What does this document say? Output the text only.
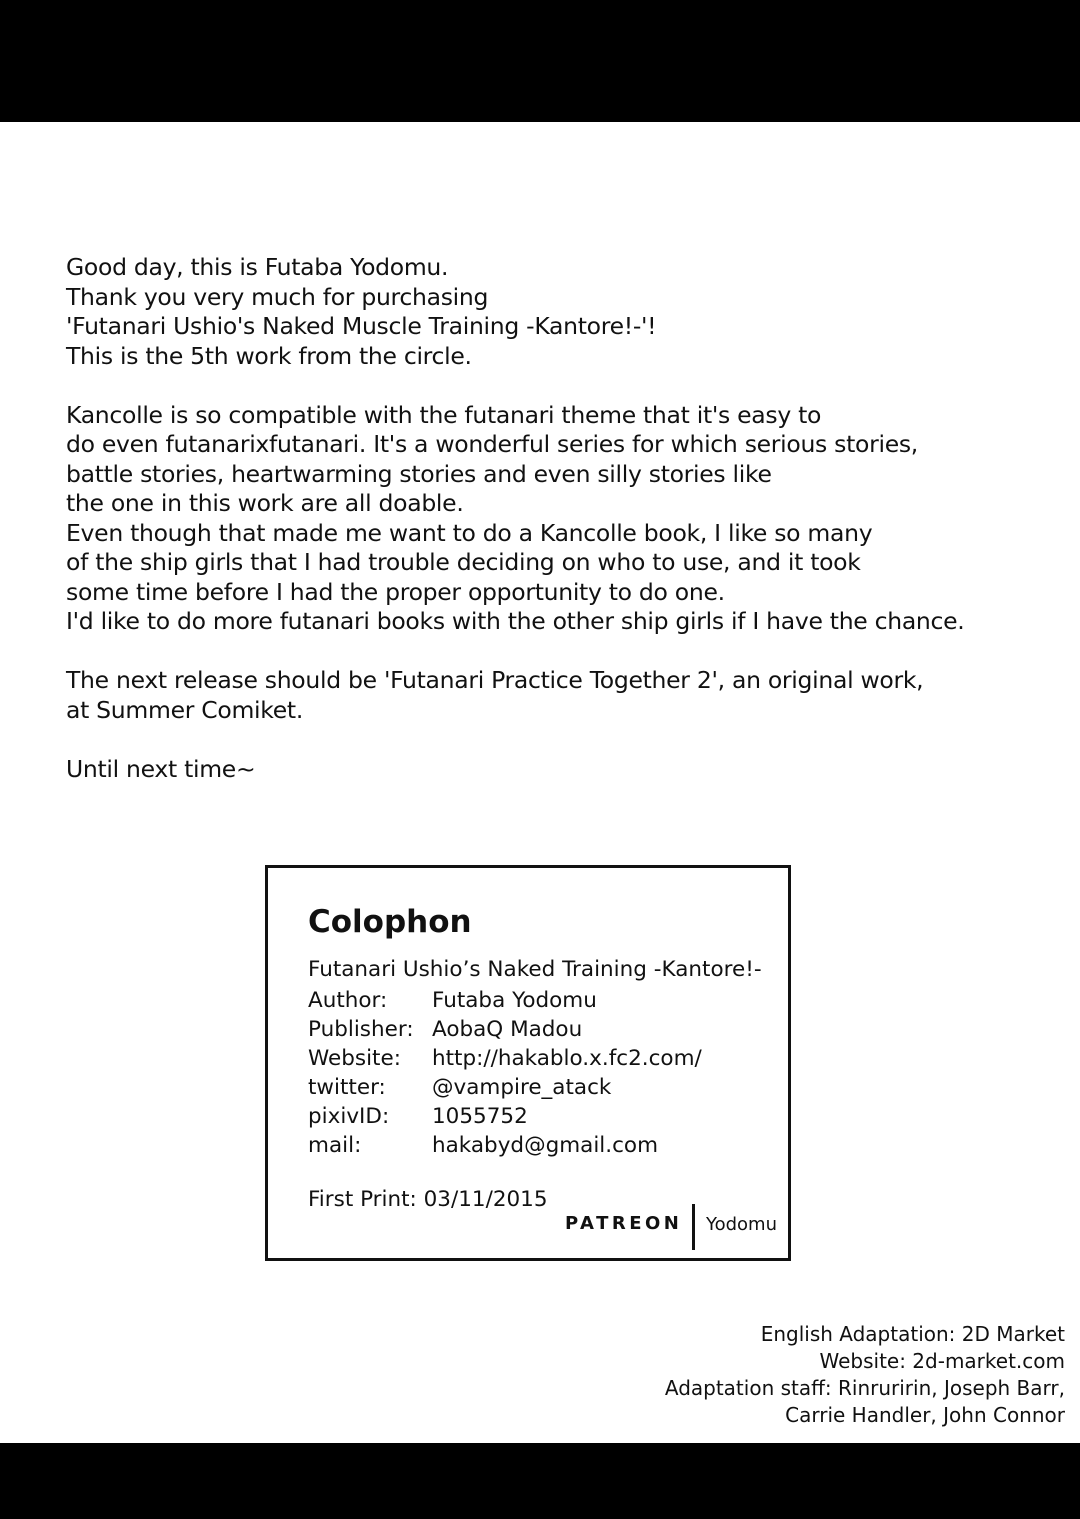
Good day, this is Futaba Yodomu.
Thank you very much for purchasing
'Futanari Ushio's Naked Muscle Training -Kantore!-'!
This is the 5th work from the circle.
Kancolle is so compatible with the futanari theme that it's easy to
do even futanarixfutanari. It's a wonderful series for which serious stories,
battle stories, heartwarming stories and even silly stories like
the one in this work are all doable.
Even though that made me want to do a Kancolle book, I like so many
of the ship girls that I had trouble deciding on who to use, and it took
some time before I had the proper opportunity to do one.
I'd like to do more futanari books with the other ship girls if I have the chance.
The next release should be 'Futanari Practice Together 2', an original work,
at Summer Comiket.
Until next time~
Colophon
Futanari Ushio’s Naked Training -Kantore!-
Author:	Futaba Yodomu
Publisher: AobaQ Madou
Website:	http://hakablo.x.fc2.com/
twitter:	@vampire_atack
pixivID:	1055752
mail:	hakabyd@gmail.com
First Print: 03/11/2015
PATREON Yodomu
English Adaptation: 2D Market
Website: 2d-market.com
Adaptation staff: Rinruririn, Joseph Barr,
Carrie Handler, John Connor
